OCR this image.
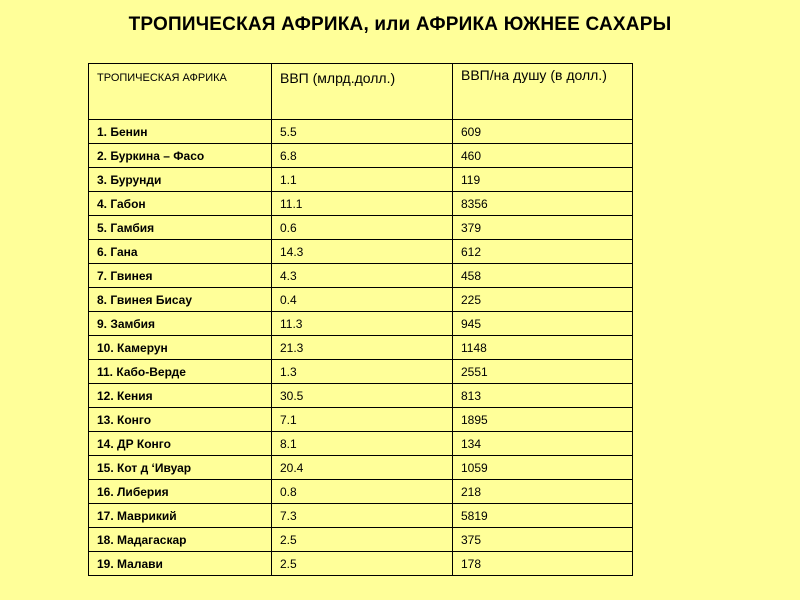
ТРОПИЧЕСКАЯ АФРИКА, или АФРИКА ЮЖНЕЕ САХАРЫ
ТРОПИЧЕСКАЯ АФРИКА	ВВП (млрд.долл.)	ВВП/на душу (в долл.)
1. Бенин	5.5	609
2. Буркина – Фасо	6.8	460
3. Бурунди	1.1	119
4. Габон	11.1	8356
5. Гамбия	0.6	379
6. Гана	14.3	612
7. Гвинея	4.3	458
8. Гвинея Бисау	0.4	225
9. Замбия	11.3	945
10. Камерун	21.3	1148
11. Кабо-Верде	1.3	2551
12. Кения	30.5	813
13. Конго	7.1	1895
14. ДР Конго	8.1	134
15. Кот д ‘Ивуар	20.4	1059
16. Либерия	0.8	218
17. Маврикий	7.3	5819
18. Мадагаскар	2.5	375
19. Малави	2.5	178
